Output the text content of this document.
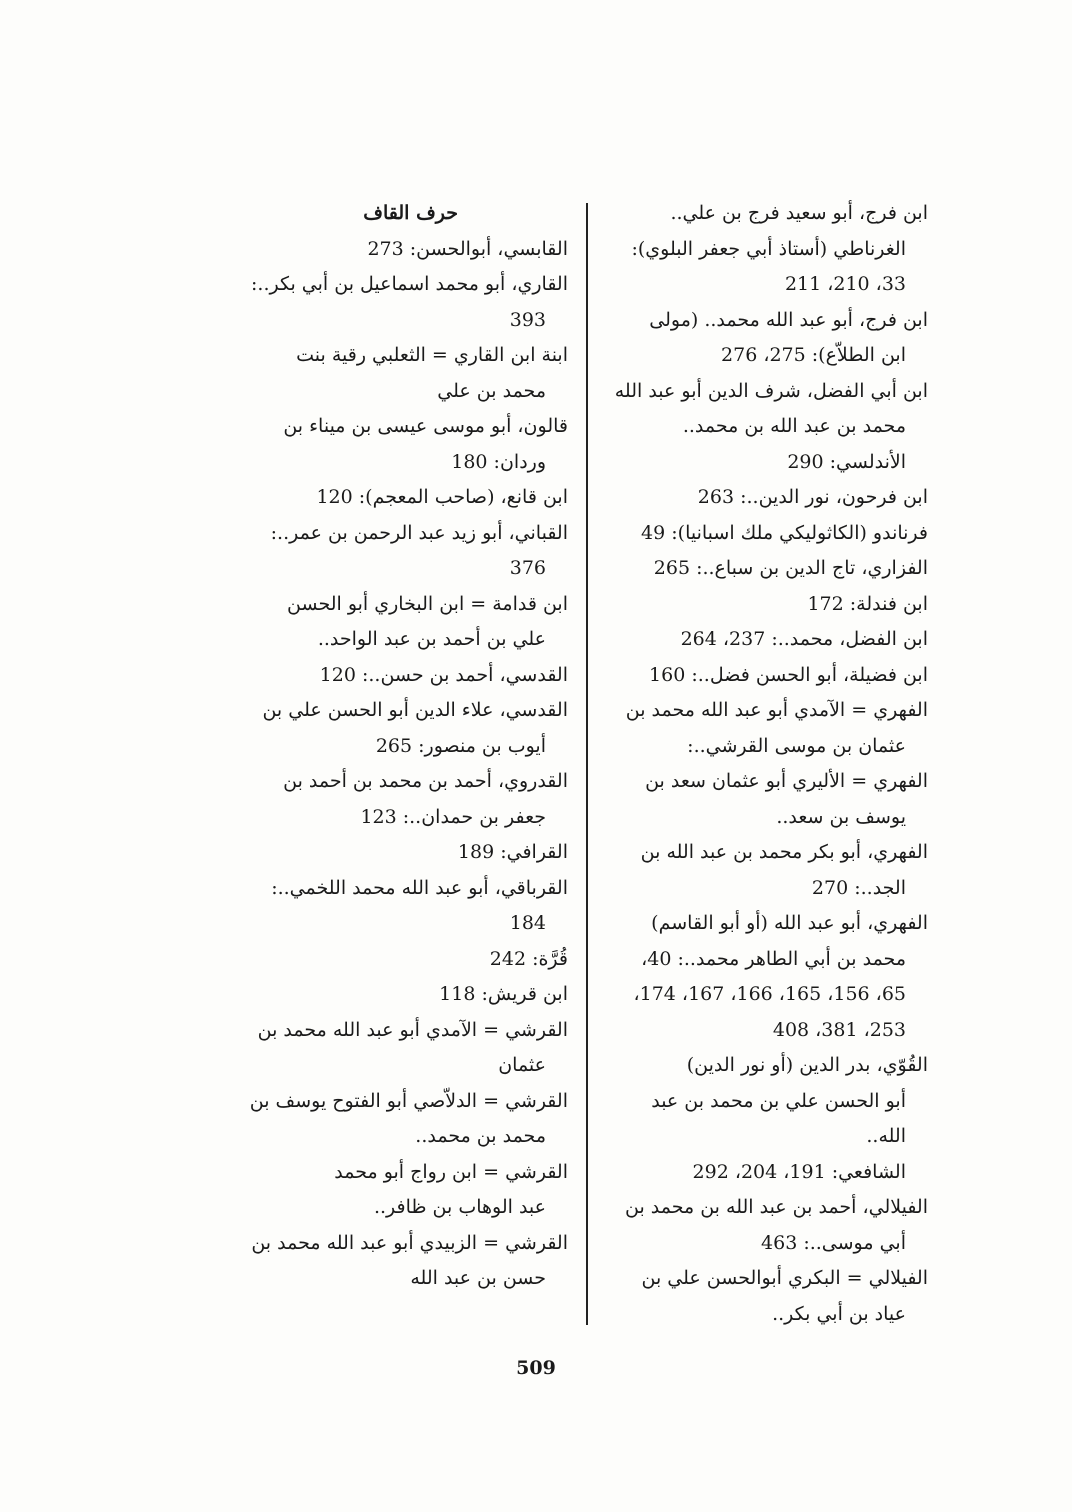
ابن فرج، أبو سعيد فرج بن علي..
الغرناطي (أستاذ أبي جعفر البلوي):
33، 210، 211
ابن فرج، أبو عبد الله محمد.. (مولى
ابن الطلاّع): 275، 276
ابن أبي الفضل، شرف الدين أبو عبد الله
محمد بن عبد الله بن محمد..
الأندلسي: 290
ابن فرحون، نور الدين..: 263
فرناندو (الكاثوليكي ملك اسبانيا): 49
الفزاري، تاج الدين بن سباع..: 265
ابن فندلة: 172
ابن الفضل، محمد..: 237، 264
ابن فضيلة، أبو الحسن فضل..: 160
الفهري = الآمدي أبو عبد الله محمد بن
عثمان بن موسى القرشي..:
الفهري = الأليري أبو عثمان سعد بن
يوسف بن سعد..
الفهري، أبو بكر محمد بن عبد الله بن
الجد..: 270
الفهري، أبو عبد الله (أو أبو القاسم)
محمد بن أبي الطاهر محمد..: 40،
65، 156، 165، 166، 167، 174،
253، 381، 408
القُوّي، بدر الدين (أو نور الدين)
أبو الحسن علي بن محمد بن عبد الله..
الشافعي: 191، 204، 292
الفيلالي، أحمد بن عبد الله بن محمد بن
أبي موسى..: 463
الفيلالي = البكري أبوالحسن علي بن
عياد بن أبي بكر..
حرف القاف
القابسي، أبوالحسن: 273
القاري، أبو محمد اسماعيل بن أبي بكر..:
393
ابنة ابن القاري = الثعلبي رقية بنت
محمد بن علي
قالون، أبو موسى عيسى بن ميناء بن
وردان: 180
ابن قانع، (صاحب المعجم): 120
القباني، أبو زيد عبد الرحمن بن عمر..:
376
ابن قدامة = ابن البخاري أبو الحسن
علي بن أحمد بن عبد الواحد..
القدسي، أحمد بن حسن..: 120
القدسي، علاء الدين أبو الحسن علي بن
أيوب بن منصور: 265
القدروي، أحمد بن محمد بن أحمد بن
جعفر بن حمدان..: 123
القرافي: 189
القرباقي، أبو عبد الله محمد اللخمي..:
184
قُرَّة: 242
ابن قريش: 118
القرشي = الآمدي أبو عبد الله محمد بن
عثمان
القرشي = الدلاّصي أبو الفتوح يوسف بن
محمد بن محمد..
القرشي = ابن رواج أبو محمد
عبد الوهاب بن ظافر..
القرشي = الزبيدي أبو عبد الله محمد بن
حسن بن عبد الله
509
